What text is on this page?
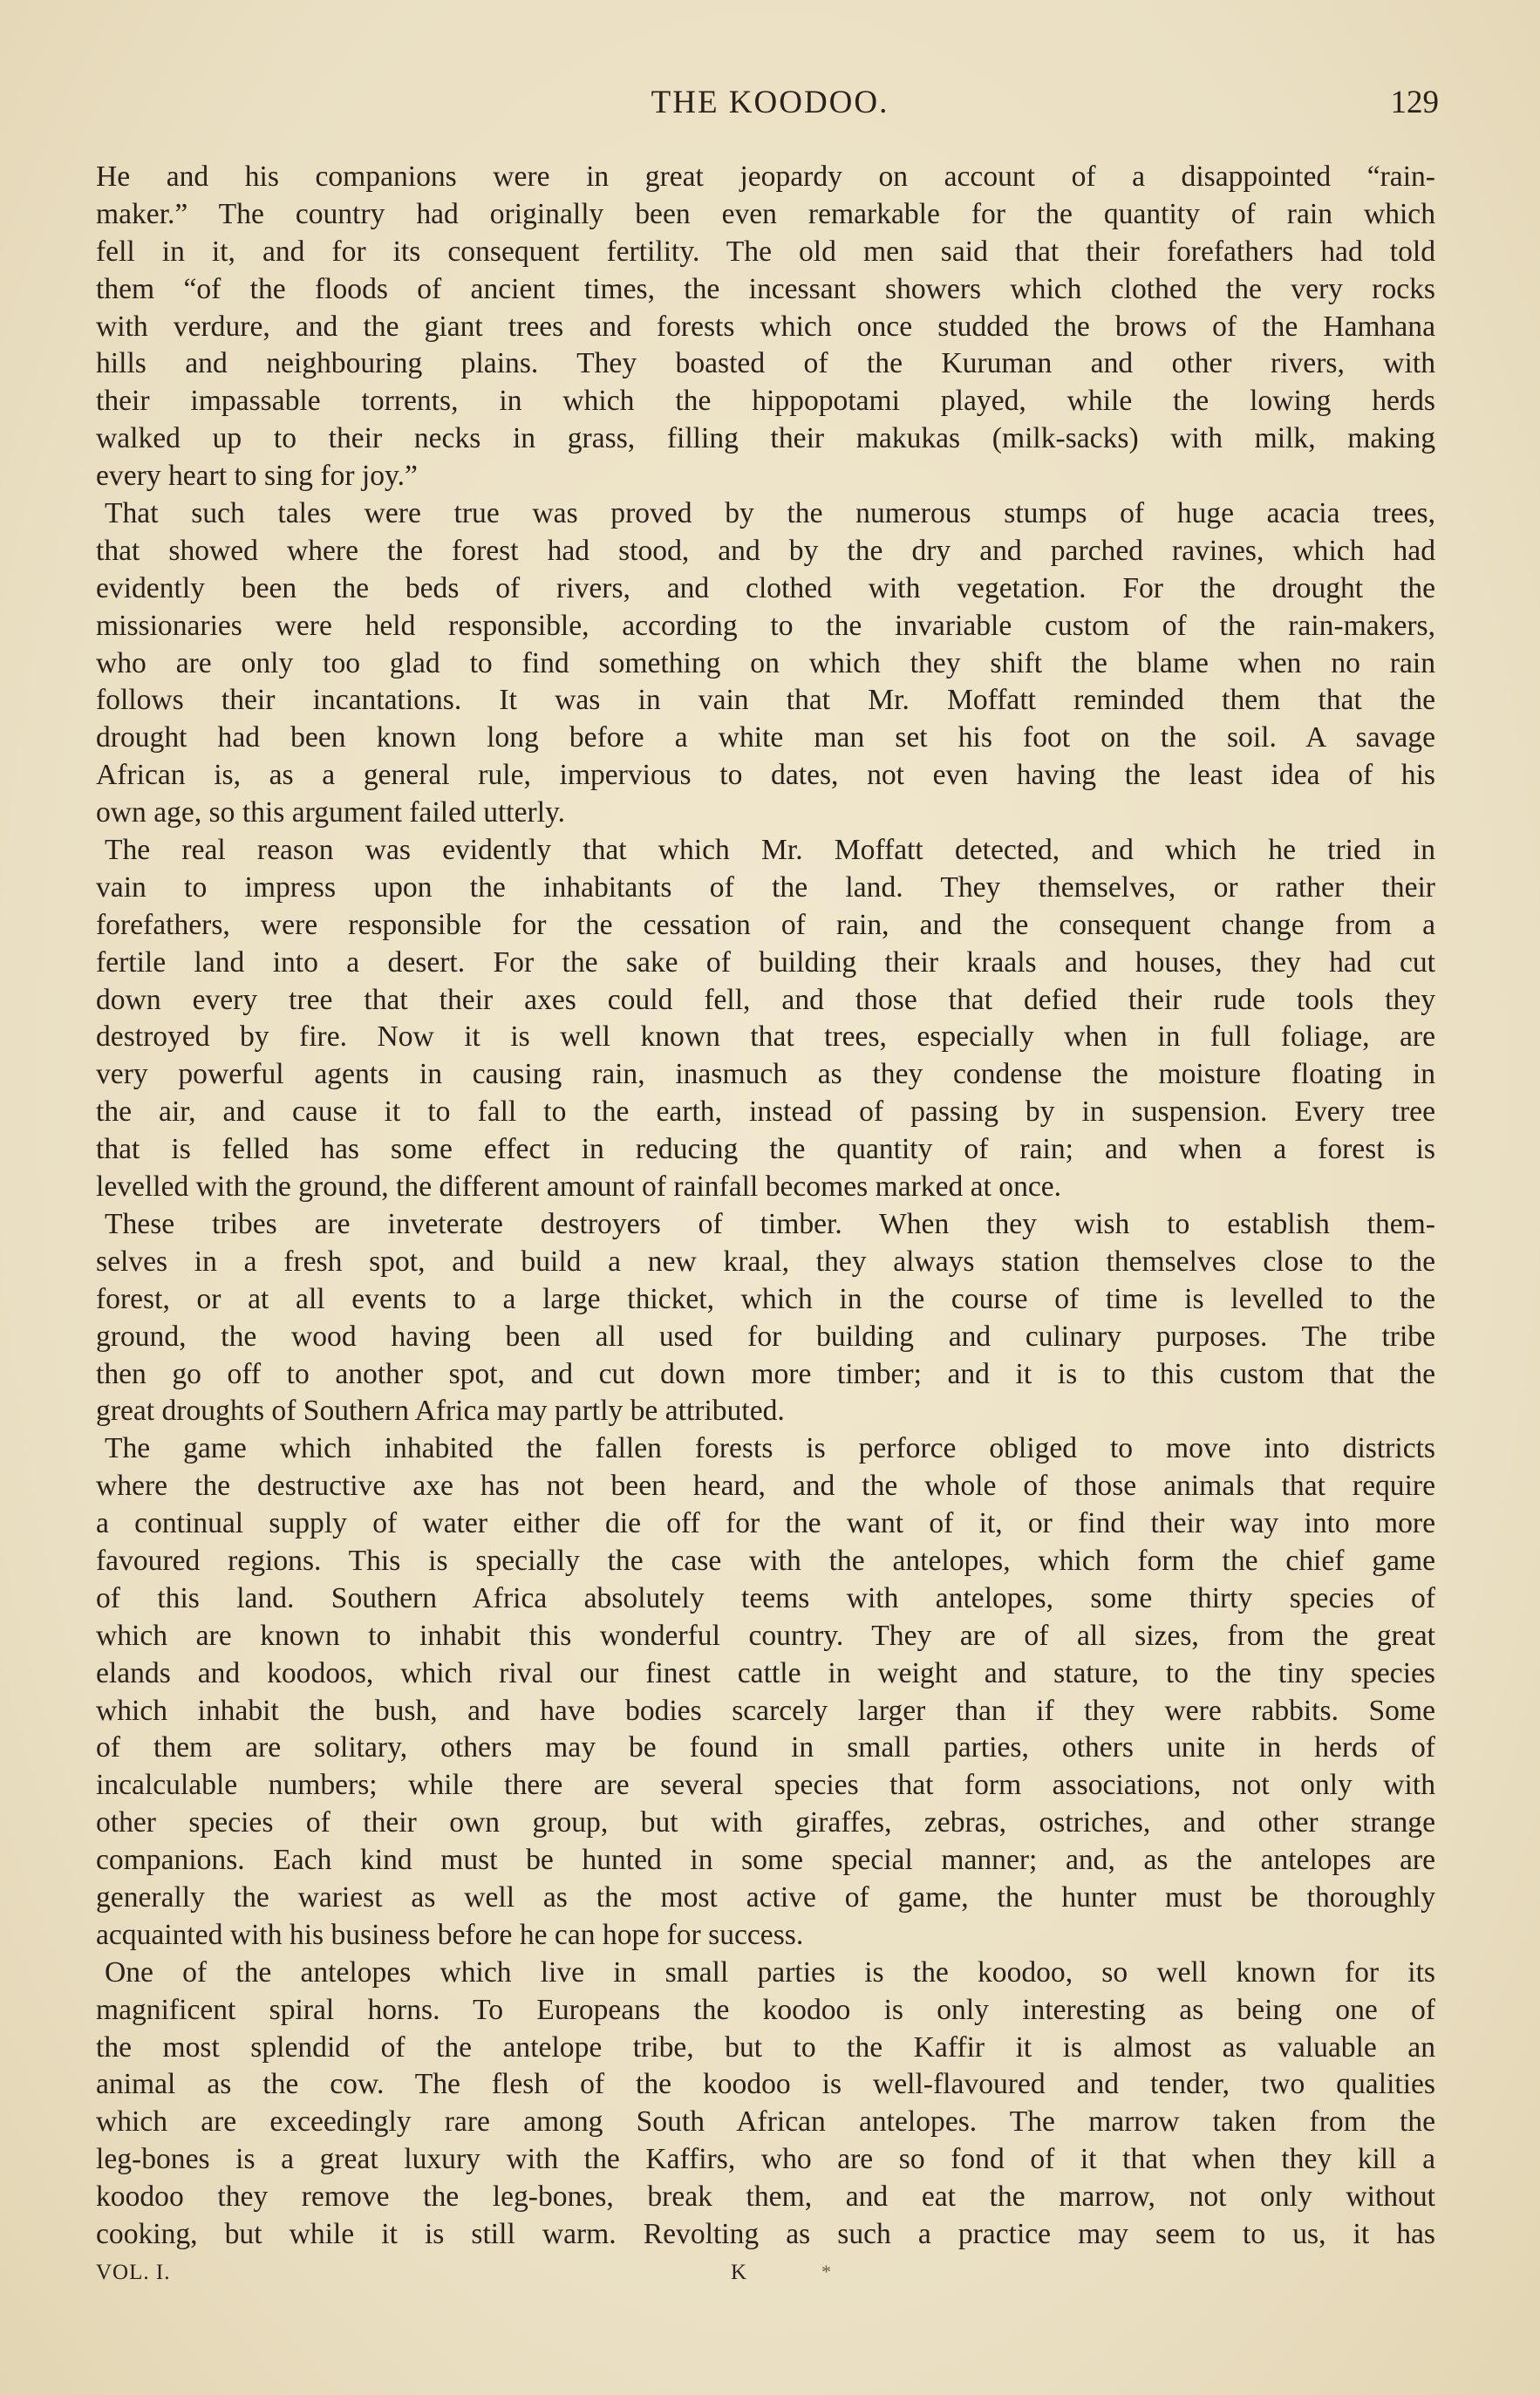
THE KOODOO.	129
He and his companions were in great jeopardy on account of a disappointed “rain-
maker.” The country had originally been even remarkable for the quantity of rain which
fell in it, and for its consequent fertility. The old men said that their forefathers had told
them “of the floods of ancient times, the incessant showers which clothed the very rocks
with verdure, and the giant trees and forests which once studded the brows of the Hamhana
hills and neighbouring plains. They boasted of the Kuruman and other rivers, with
their impassable torrents, in which the hippopotami played, while the lowing herds
walked up to their necks in grass, filling their makukas (milk-sacks) with milk, making
every heart to sing for joy.”
That such tales were true was proved by the numerous stumps of huge acacia trees,
that showed where the forest had stood, and by the dry and parched ravines, which had
evidently been the beds of rivers, and clothed with vegetation. For the drought the
missionaries were held responsible, according to the invariable custom of the rain-makers,
who are only too glad to find something on which they shift the blame when no rain
follows their incantations. It was in vain that Mr. Moffatt reminded them that the
drought had been known long before a white man set his foot on the soil. A savage
African is, as a general rule, impervious to dates, not even having the least idea of his
own age, so this argument failed utterly.
The real reason was evidently that which Mr. Moffatt detected, and which he tried in
vain to impress upon the inhabitants of the land. They themselves, or rather their
forefathers, were responsible for the cessation of rain, and the consequent change from a
fertile land into a desert. For the sake of building their kraals and houses, they had cut
down every tree that their axes could fell, and those that defied their rude tools they
destroyed by fire. Now it is well known that trees, especially when in full foliage, are
very powerful agents in causing rain, inasmuch as they condense the moisture floating in
the air, and cause it to fall to the earth, instead of passing by in suspension. Every tree
that is felled has some effect in reducing the quantity of rain; and when a forest is
levelled with the ground, the different amount of rainfall becomes marked at once.
These tribes are inveterate destroyers of timber. When they wish to establish them-
selves in a fresh spot, and build a new kraal, they always station themselves close to the
forest, or at all events to a large thicket, which in the course of time is levelled to the
ground, the wood having been all used for building and culinary purposes. The tribe
then go off to another spot, and cut down more timber; and it is to this custom that the
great droughts of Southern Africa may partly be attributed.
The game which inhabited the fallen forests is perforce obliged to move into districts
where the destructive axe has not been heard, and the whole of those animals that require
a continual supply of water either die off for the want of it, or find their way into more
favoured regions. This is specially the case with the antelopes, which form the chief game
of this land. Southern Africa absolutely teems with antelopes, some thirty species of
which are known to inhabit this wonderful country. They are of all sizes, from the great
elands and koodoos, which rival our finest cattle in weight and stature, to the tiny species
which inhabit the bush, and have bodies scarcely larger than if they were rabbits. Some
of them are solitary, others may be found in small parties, others unite in herds of
incalculable numbers; while there are several species that form associations, not only with
other species of their own group, but with giraffes, zebras, ostriches, and other strange
companions. Each kind must be hunted in some special manner; and, as the antelopes are
generally the wariest as well as the most active of game, the hunter must be thoroughly
acquainted with his business before he can hope for success.
One of the antelopes which live in small parties is the koodoo, so well known for its
magnificent spiral horns. To Europeans the koodoo is only interesting as being one of
the most splendid of the antelope tribe, but to the Kaffir it is almost as valuable an
animal as the cow. The flesh of the koodoo is well-flavoured and tender, two qualities
which are exceedingly rare among South African antelopes. The marrow taken from the
leg-bones is a great luxury with the Kaffirs, who are so fond of it that when they kill a
koodoo they remove the leg-bones, break them, and eat the marrow, not only without
cooking, but while it is still warm. Revolting as such a practice may seem to us, it has
VOL. I.	K	*
